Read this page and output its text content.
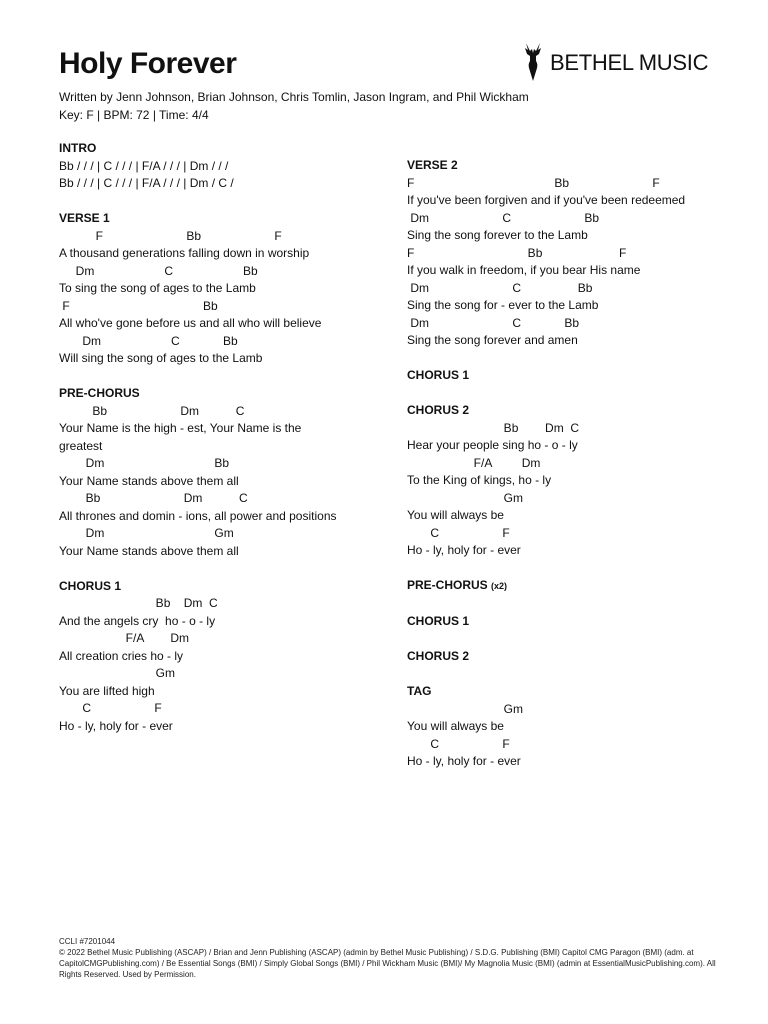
Holy Forever	BETHEL MUSIC
Written by Jenn Johnson, Brian Johnson, Chris Tomlin, Jason Ingram, and Phil Wickham
Key: F | BPM: 72 | Time: 4/4
INTRO
Bb / / / | C / / / | F/A / / / | Dm / / /
Bb / / / | C / / / | F/A / / / | Dm / C /
VERSE 1
F                         Bb                      F
A thousand generations falling down in worship
Dm                     C                     Bb
To sing the song of ages to the Lamb
F                                        Bb
All who've gone before us and all who will believe
Dm                     C             Bb
Will sing the song of ages to the Lamb
PRE-CHORUS
Bb                      Dm           C
Your Name is the high - est, Your Name is the
greatest
Dm                                 Bb
Your Name stands above them all
Bb                         Dm           C
All thrones and domin - ions, all power and positions
Dm                                 Gm
Your Name stands above them all
CHORUS 1
Bb    Dm  C
And the angels cry  ho - o - ly
F/A        Dm
All creation cries ho - ly
Gm
You are lifted high
C                   F
Ho - ly, holy for - ever
VERSE 2
F                                          Bb                         F
If you've been forgiven and if you've been redeemed
Dm                      C                      Bb
Sing the song forever to the Lamb
F                                  Bb                       F
If you walk in freedom, if you bear His name
Dm                         C                 Bb
Sing the song for - ever to the Lamb
Dm                         C             Bb
Sing the song forever and amen
CHORUS 1
CHORUS 2
Bb        Dm  C
Hear your people sing ho - o - ly
F/A         Dm
To the King of kings, ho - ly
Gm
You will always be
C                   F
Ho - ly, holy for - ever
PRE-CHORUS (x2)
CHORUS 1
CHORUS 2
TAG
Gm
You will always be
C                   F
Ho - ly, holy for - ever
CCLI #7201044
© 2022 Bethel Music Publishing (ASCAP) / Brian and Jenn Publishing (ASCAP) (admin by Bethel Music Publishing) / S.D.G. Publishing (BMI) Capitol CMG Paragon (BMI) (adm. at CapitolCMGPublishing.com) / Be Essential Songs (BMI) / Simply Global Songs (BMI) / Phil Wickham Music (BMI)/ My Magnolia Music (BMI) (admin at EssentialMusicPublishing.com). All Rights Reserved. Used by Permission.
